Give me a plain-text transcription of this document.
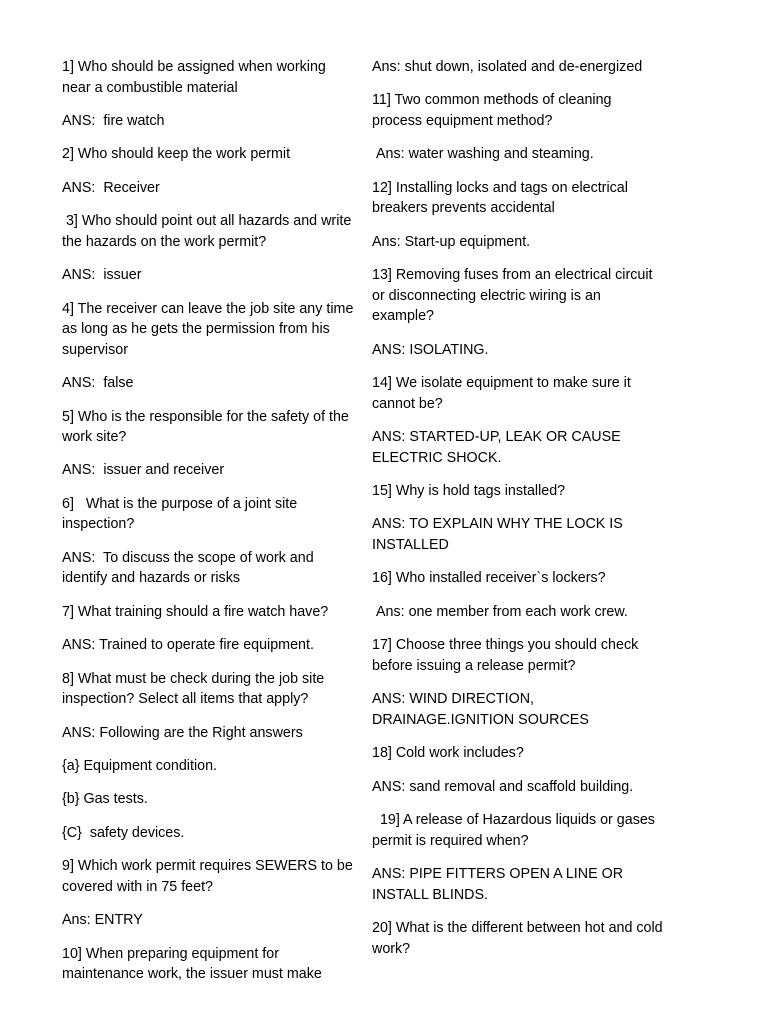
1] Who should be assigned when working near a combustible material

ANS:  fire watch

2] Who should keep the work permit

ANS:  Receiver

3] Who should point out all hazards and write the hazards on the work permit?

ANS:  issuer

4] The receiver can leave the job site any time as long as he gets the permission from his supervisor

ANS:  false

5] Who is the responsible for the safety of the work site?

ANS:  issuer and receiver

6]   What is the purpose of a joint site inspection?

ANS:  To discuss the scope of work and identify and hazards or risks

7] What training should a fire watch have?

ANS: Trained to operate fire equipment.

8] What must be check during the job site inspection? Select all items that apply?

ANS: Following are the Right answers

{a} Equipment condition.

{b} Gas tests.

{C}  safety devices.

9] Which work permit requires SEWERS to be covered with in 75 feet?

Ans: ENTRY

10] When preparing equipment for maintenance work, the issuer must make

Ans: shut down, isolated and de-energized

11] Two common methods of cleaning process equipment method?

Ans: water washing and steaming.

12] Installing locks and tags on electrical breakers prevents accidental

Ans: Start-up equipment.

13] Removing fuses from an electrical circuit or disconnecting electric wiring is an example?

ANS: ISOLATING.

14] We isolate equipment to make sure it cannot be?

ANS: STARTED-UP, LEAK OR CAUSE ELECTRIC SHOCK.

15] Why is hold tags installed?

ANS: TO EXPLAIN WHY THE LOCK IS INSTALLED

16] Who installed receiver`s lockers?

Ans: one member from each work crew.

17] Choose three things you should check before issuing a release permit?

ANS: WIND DIRECTION, DRAINAGE.IGNITION SOURCES

18] Cold work includes?

ANS: sand removal and scaffold building.

19] A release of Hazardous liquids or gases permit is required when?

ANS: PIPE FITTERS OPEN A LINE OR INSTALL BLINDS.

20] What is the different between hot and cold work?
